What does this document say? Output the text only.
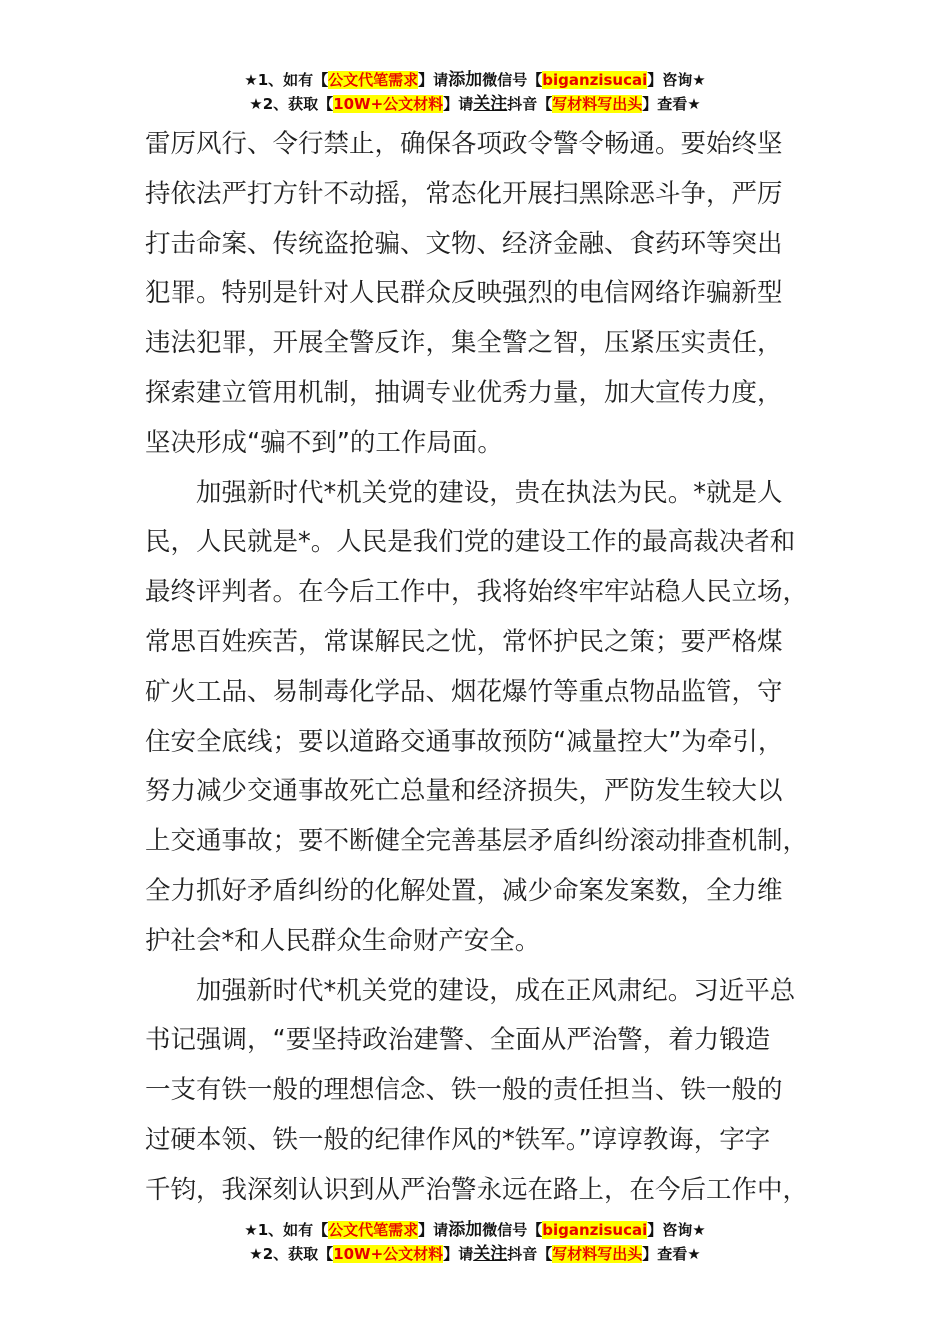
★1、如有【公文代笔需求】请添加微信号【biganzisucai】咨询★
★2、获取【10W+公文材料】请关注抖音【写材料写出头】查看★

雷厉风行、令行禁止，确保各项政令警令畅通。要始终坚
持依法严打方针不动摇，常态化开展扫黑除恶斗争，严厉
打击命案、传统盗抢骗、文物、经济金融、食药环等突出
犯罪。特别是针对人民群众反映强烈的电信网络诈骗新型
违法犯罪，开展全警反诈，集全警之智，压紧压实责任，
探索建立管用机制，抽调专业优秀力量，加大宣传力度，
坚决形成“骗不到”的工作局面。

加强新时代*机关党的建设，贵在执法为民。*就是人
民，人民就是*。人民是我们党的建设工作的最高裁决者和
最终评判者。在今后工作中，我将始终牢牢站稳人民立场，
常思百姓疾苦，常谋解民之忧，常怀护民之策；要严格煤
矿火工品、易制毒化学品、烟花爆竹等重点物品监管，守
住安全底线；要以道路交通事故预防“减量控大”为牵引，
努力减少交通事故死亡总量和经济损失，严防发生较大以
上交通事故；要不断健全完善基层矛盾纠纷滚动排查机制，
全力抓好矛盾纠纷的化解处置，减少命案发案数，全力维
护社会*和人民群众生命财产安全。

加强新时代*机关党的建设，成在正风肃纪。习近平总
书记强调，“要坚持政治建警、全面从严治警，着力锻造
一支有铁一般的理想信念、铁一般的责任担当、铁一般的
过硬本领、铁一般的纪律作风的*铁军。”谆谆教诲，字字
千钧，我深刻认识到从严治警永远在路上，在今后工作中，

★1、如有【公文代笔需求】请添加微信号【biganzisucai】咨询★
★2、获取【10W+公文材料】请关注抖音【写材料写出头】查看★
